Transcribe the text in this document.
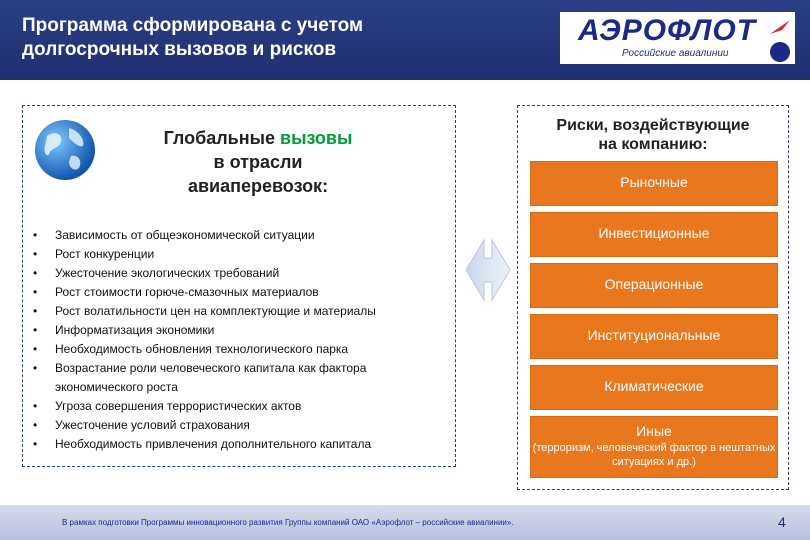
Программа сформирована с учетом
долгосрочных вызовов и рисков
АЭРОФЛОТ
Российские авиалинии
Глобальные вызовы
в отрасли
авиаперевозок:
• Зависимость от общеэкономической ситуации
• Рост конкуренции
• Ужесточение экологических требований
• Рост стоимости горюче-смазочных материалов
• Рост волатильности цен на комплектующие и материалы
• Информатизация экономики
• Необходимость обновления технологического парка
• Возрастание роли человеческого капитала как фактора экономического роста
• Угроза совершения террористических актов
• Ужесточение условий страхования
• Необходимость привлечения дополнительного капитала
Риски, воздействующие
на компанию:
Рыночные
Инвестиционные
Операционные
Институциональные
Климатические
Иные
(терроризм, человеческий фактор в нештатных ситуациях и др.)
В рамках подготовки Программы инновационного развития Группы компаний ОАО «Аэрофлот – российские авиалинии».	4
